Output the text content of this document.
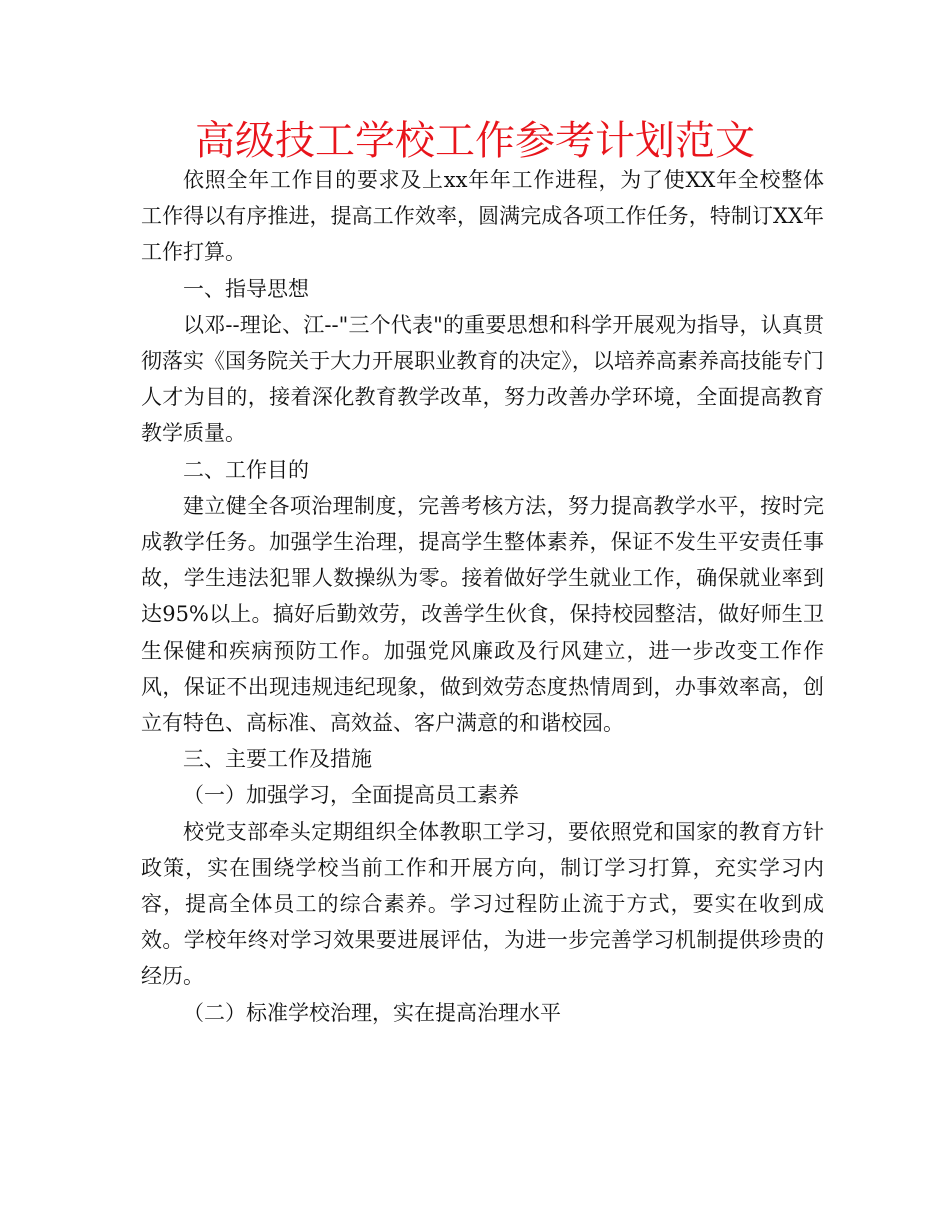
高级技工学校工作参考计划范文

依照全年工作目的要求及上xx年年工作进程，为了使XX年全校整体工作得以有序推进，提高工作效率，圆满完成各项工作任务，特制订XX年工作打算。

一、指导思想

以邓--理论、江--"三个代表"的重要思想和科学开展观为指导，认真贯彻落实《国务院关于大力开展职业教育的决定》，以培养高素养高技能专门人才为目的，接着深化教育教学改革，努力改善办学环境，全面提高教育教学质量。

二、工作目的

建立健全各项治理制度，完善考核方法，努力提高教学水平，按时完成教学任务。加强学生治理，提高学生整体素养，保证不发生平安责任事故，学生违法犯罪人数操纵为零。接着做好学生就业工作，确保就业率到达95%以上。搞好后勤效劳，改善学生伙食，保持校园整洁，做好师生卫生保健和疾病预防工作。加强党风廉政及行风建立，进一步改变工作作风，保证不出现违规违纪现象，做到效劳态度热情周到，办事效率高，创立有特色、高标准、高效益、客户满意的和谐校园。

三、主要工作及措施

（一）加强学习，全面提高员工素养

校党支部牵头定期组织全体教职工学习，要依照党和国家的教育方针政策，实在围绕学校当前工作和开展方向，制订学习打算，充实学习内容，提高全体员工的综合素养。学习过程防止流于方式，要实在收到成效。学校年终对学习效果要进展评估，为进一步完善学习机制提供珍贵的经历。

（二）标准学校治理，实在提高治理水平
